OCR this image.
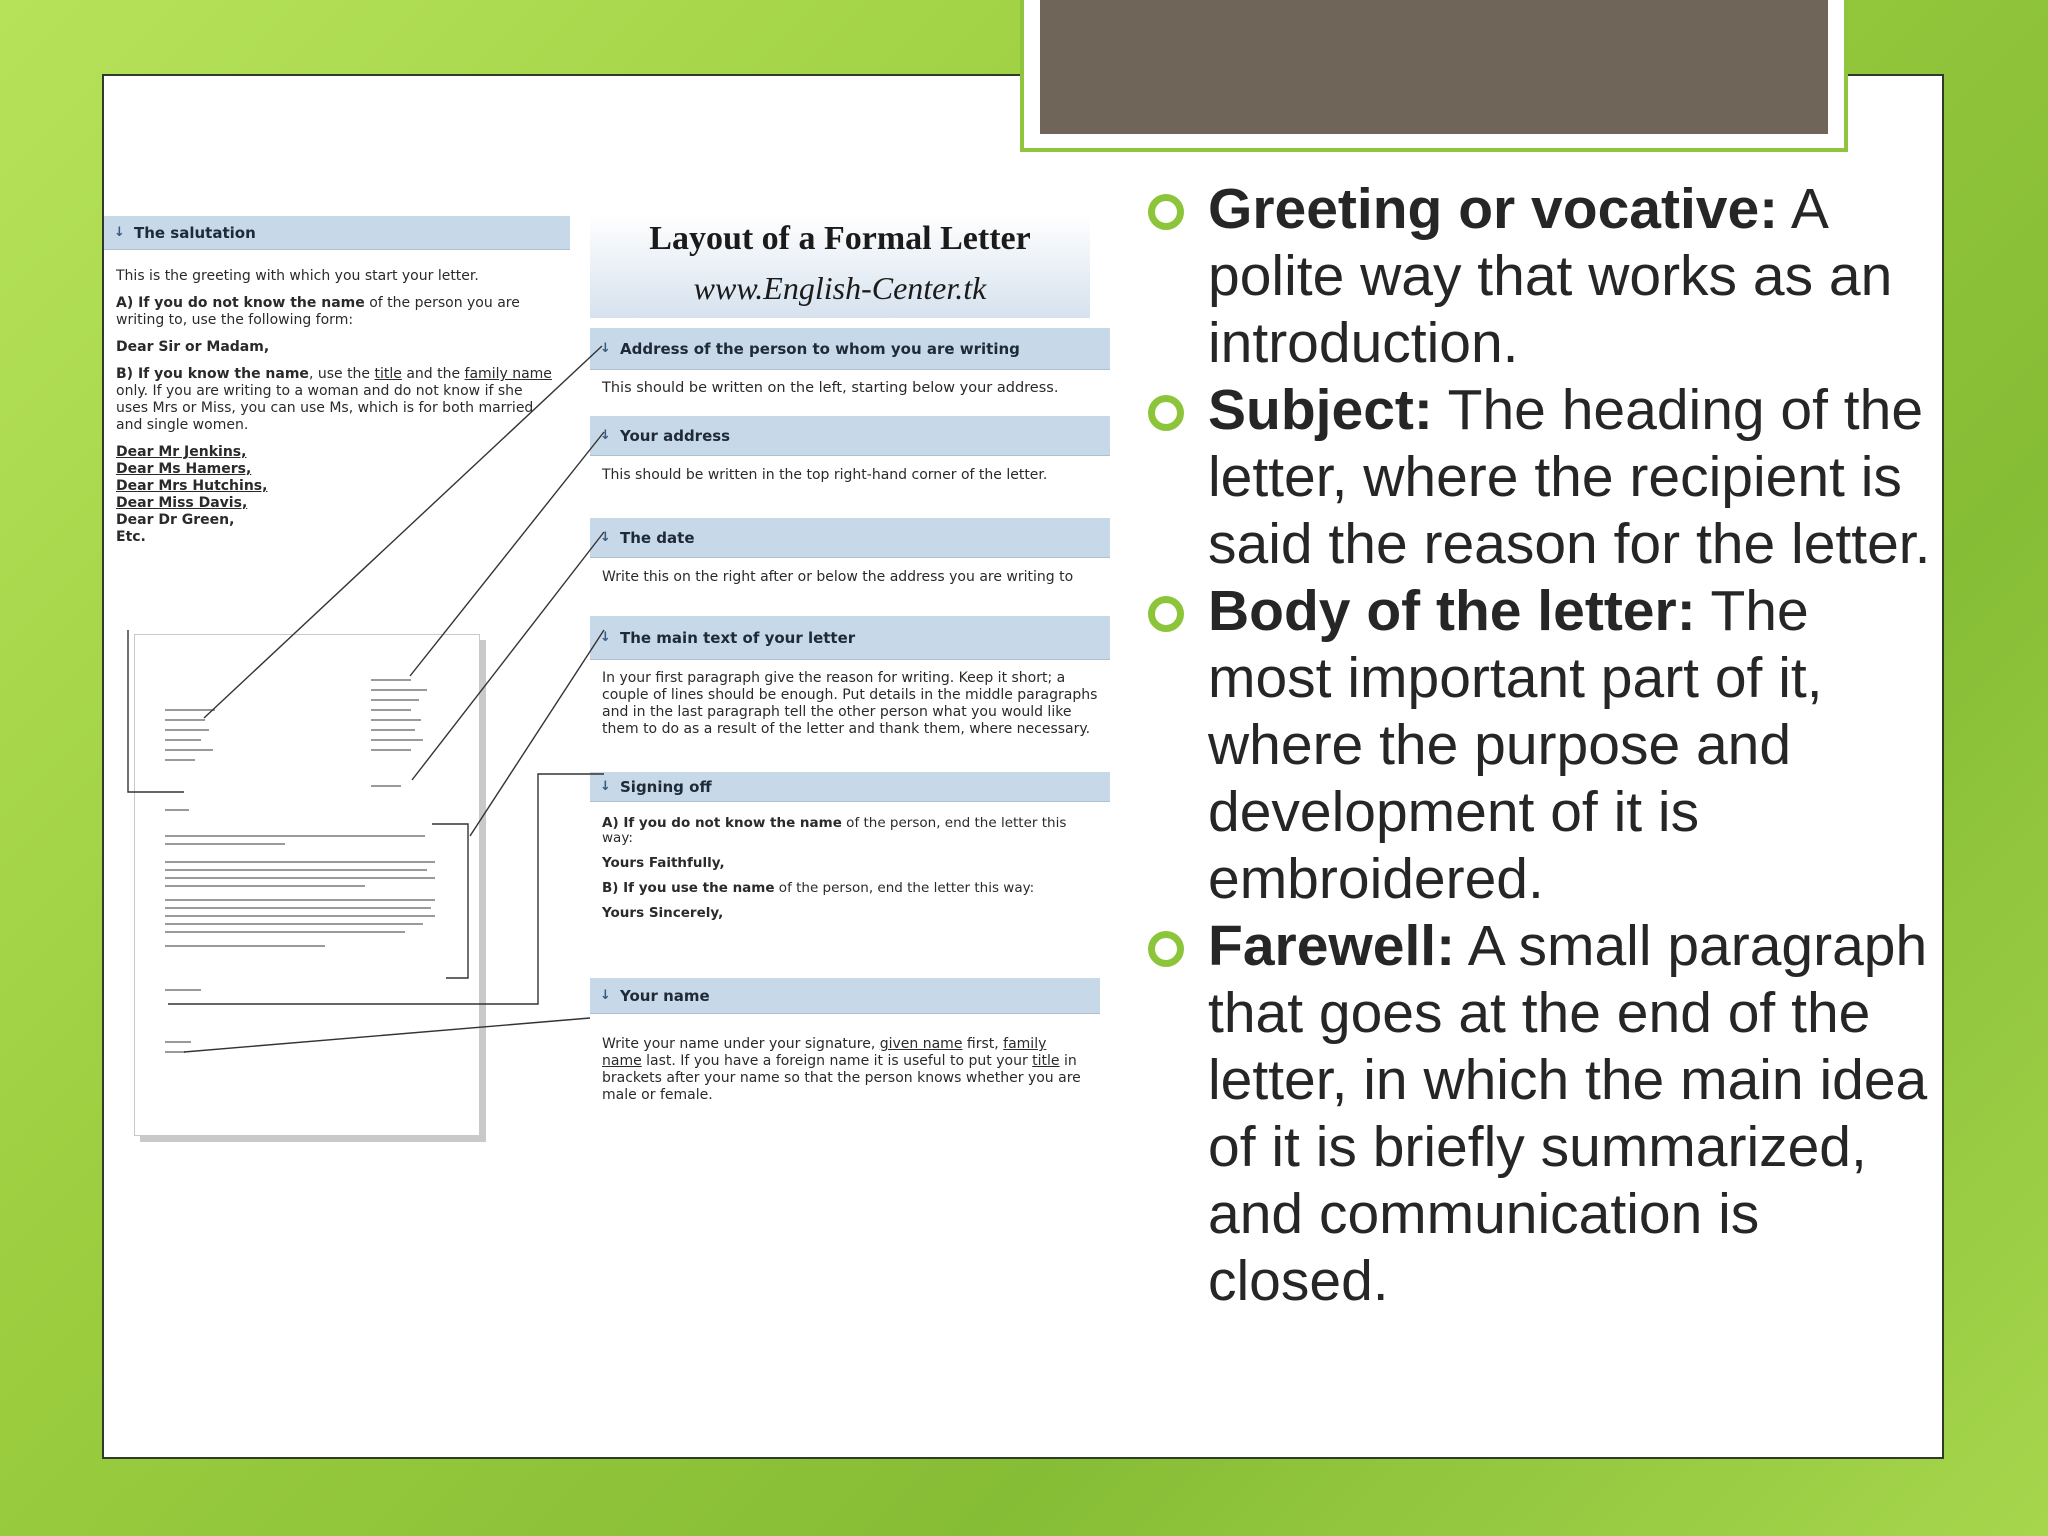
↓ The salutation

This is the greeting with which you start your letter.

A) If you do not know the name of the person you are writing to, use the following form:

Dear Sir or Madam,

B) If you know the name, use the title and the family name only. If you are writing to a woman and do not know if she uses Mrs or Miss, you can use Ms, which is for both married and single women.

Dear Mr Jenkins,
Dear Ms Hamers,
Dear Mrs Hutchins,
Dear Miss Davis,
Dear Dr Green,
Etc.
Layout of a Formal Letter
www.English-Center.tk
↓ Address of the person to whom you are writing
This should be written on the left, starting below your address.
↓ Your address
This should be written in the top right-hand corner of the letter.
↓ The date
Write this on the right after or below the address you are writing to
↓ The main text of your letter
In your first paragraph give the reason for writing. Keep it short; a couple of lines should be enough. Put details in the middle paragraphs and in the last paragraph tell the other person what you would like them to do as a result of the letter and thank them, where necessary.
↓ Signing off

A) If you do not know the name of the person, end the letter this way:

Yours Faithfully,

B) If you use the name of the person, end the letter this way:

Yours Sincerely,

↓ Your name
Write your name under your signature, given name first, family name last. If you have a foreign name it is useful to put your title in brackets after your name so that the person knows whether you are male or female.
Greeting or vocative: A polite way that works as an introduction.
Subject: The heading of the letter, where the recipient is said the reason for the letter.
Body of the letter: The most important part of it, where the purpose and development of it is embroidered.
Farewell: A small paragraph that goes at the end of the letter, in which the main idea of it is briefly summarized, and communication is closed.
